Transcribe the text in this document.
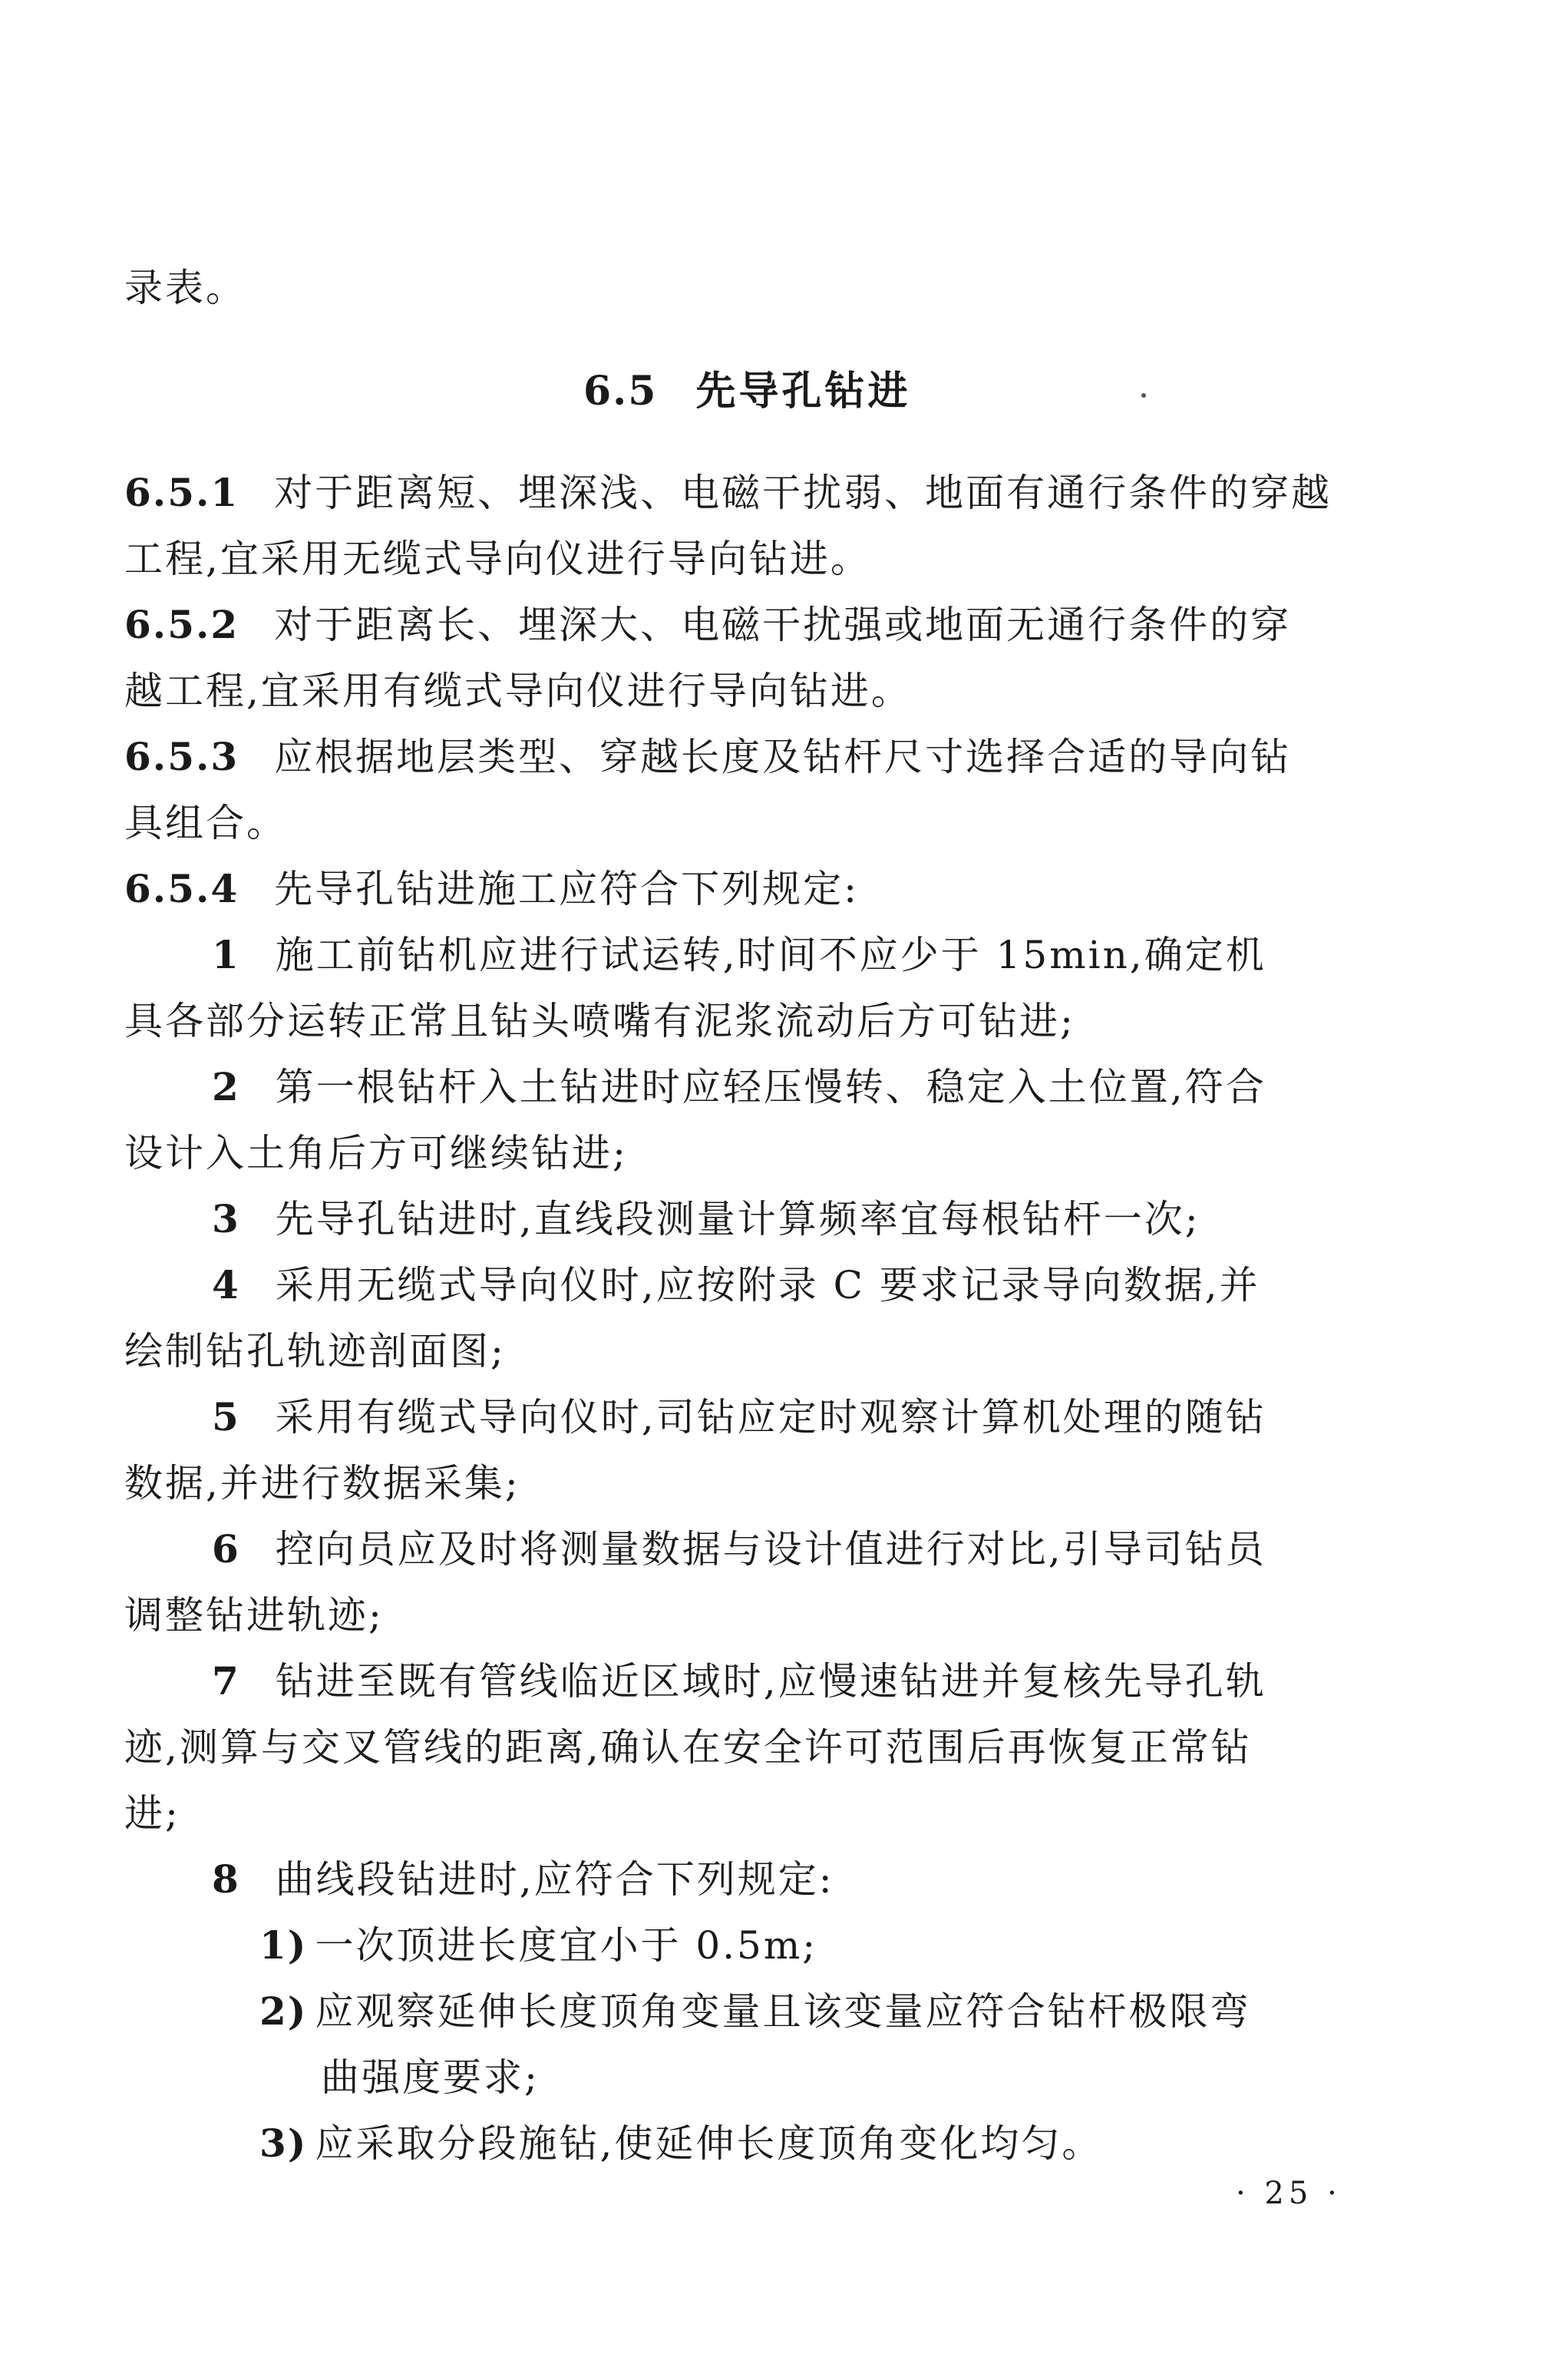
录表。
6.5 先导孔钻进
6.5.1 对于距离短、埋深浅、电磁干扰弱、地面有通行条件的穿越
工程,宜采用无缆式导向仪进行导向钻进。
6.5.2 对于距离长、埋深大、电磁干扰强或地面无通行条件的穿
越工程,宜采用有缆式导向仪进行导向钻进。
6.5.3 应根据地层类型、穿越长度及钻杆尺寸选择合适的导向钻
具组合。
6.5.4 先导孔钻进施工应符合下列规定:
1 施工前钻机应进行试运转,时间不应少于 15min,确定机
具各部分运转正常且钻头喷嘴有泥浆流动后方可钻进;
2 第一根钻杆入土钻进时应轻压慢转、稳定入土位置,符合
设计入土角后方可继续钻进;
3 先导孔钻进时,直线段测量计算频率宜每根钻杆一次;
4 采用无缆式导向仪时,应按附录 C 要求记录导向数据,并
绘制钻孔轨迹剖面图;
5 采用有缆式导向仪时,司钻应定时观察计算机处理的随钻
数据,并进行数据采集;
6 控向员应及时将测量数据与设计值进行对比,引导司钻员
调整钻进轨迹;
7 钻进至既有管线临近区域时,应慢速钻进并复核先导孔轨
迹,测算与交叉管线的距离,确认在安全许可范围后再恢复正常钻
进;
8 曲线段钻进时,应符合下列规定:
1) 一次顶进长度宜小于 0.5m;
2) 应观察延伸长度顶角变量且该变量应符合钻杆极限弯
曲强度要求;
3) 应采取分段施钻,使延伸长度顶角变化均匀。
· 25 ·
